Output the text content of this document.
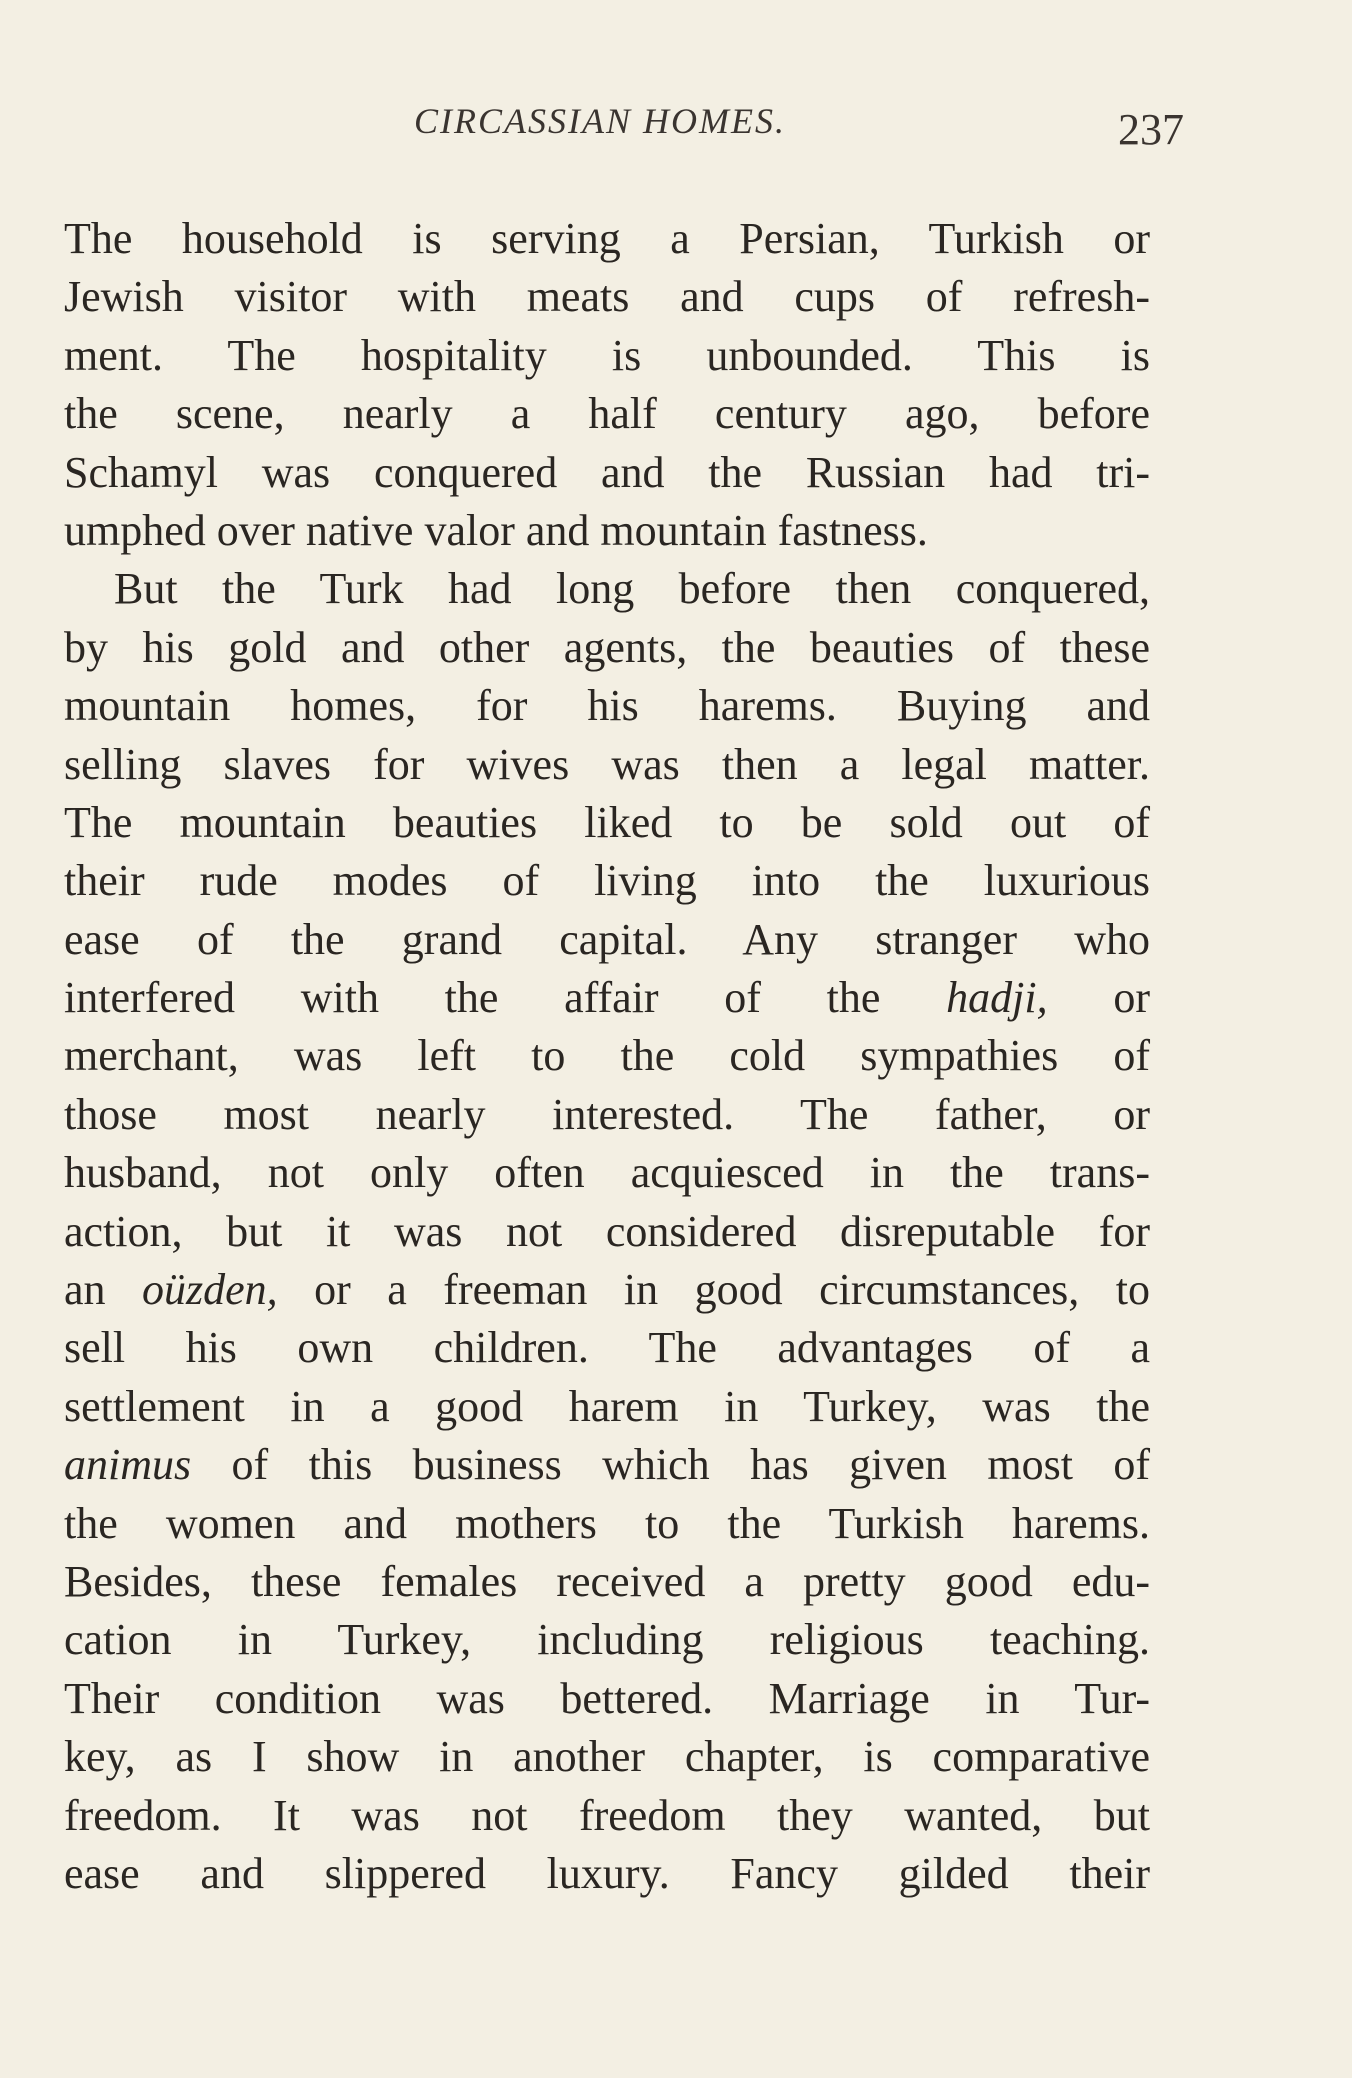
CIRCASSIAN HOMES.	237
The household is serving a Persian, Turkish or
Jewish visitor with meats and cups of refresh-
ment. The hospitality is unbounded. This is
the scene, nearly a half century ago, before
Schamyl was conquered and the Russian had tri-
umphed over native valor and mountain fastness.
But the Turk had long before then conquered,
by his gold and other agents, the beauties of these
mountain homes, for his harems. Buying and
selling slaves for wives was then a legal matter.
The mountain beauties liked to be sold out of
their rude modes of living into the luxurious
ease of the grand capital. Any stranger who
interfered with the affair of the hadji, or
merchant, was left to the cold sympathies of
those most nearly interested. The father, or
husband, not only often acquiesced in the trans-
action, but it was not considered disreputable for
an oüzden, or a freeman in good circumstances, to
sell his own children. The advantages of a
settlement in a good harem in Turkey, was the
animus of this business which has given most of
the women and mothers to the Turkish harems.
Besides, these females received a pretty good edu-
cation in Turkey, including religious teaching.
Their condition was bettered. Marriage in Tur-
key, as I show in another chapter, is comparative
freedom. It was not freedom they wanted, but
ease and slippered luxury. Fancy gilded their
